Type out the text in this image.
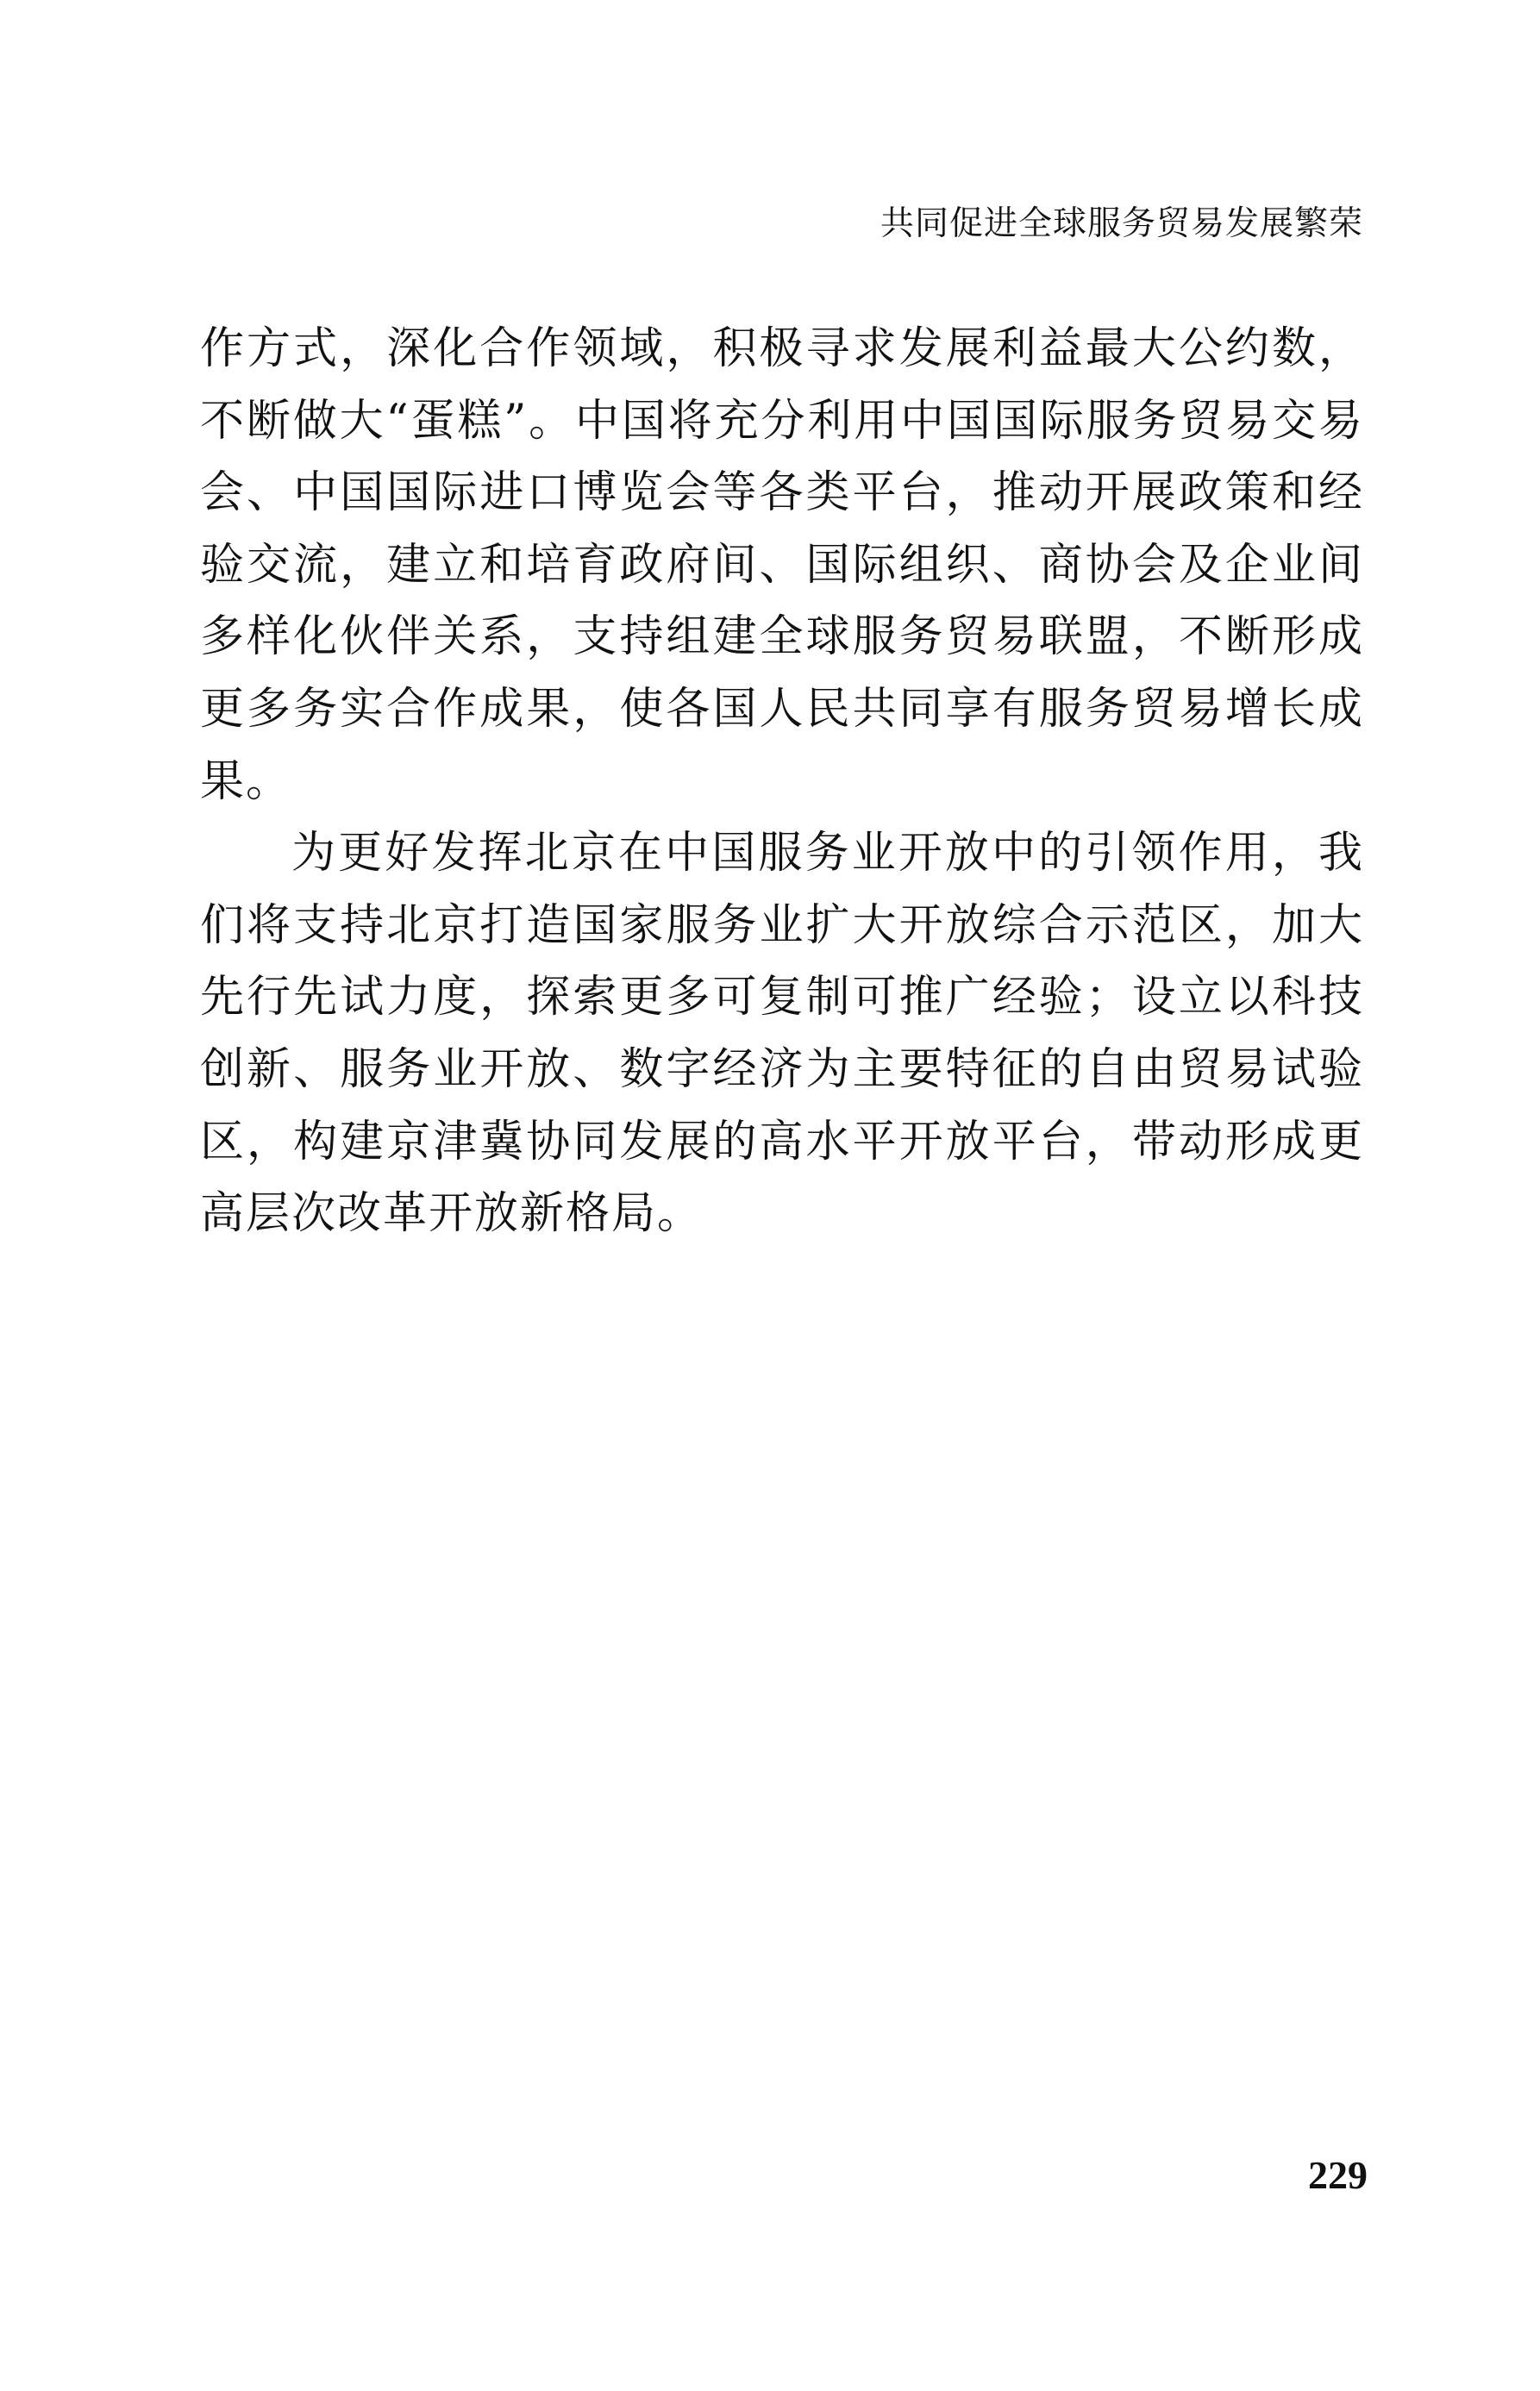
共同促进全球服务贸易发展繁荣

作方式，深化合作领域，积极寻求发展利益最大公约数，不断做大“蛋糕”。中国将充分利用中国国际服务贸易交易会、中国国际进口博览会等各类平台，推动开展政策和经验交流，建立和培育政府间、国际组织、商协会及企业间多样化伙伴关系，支持组建全球服务贸易联盟，不断形成更多务实合作成果，使各国人民共同享有服务贸易增长成果。

为更好发挥北京在中国服务业开放中的引领作用，我们将支持北京打造国家服务业扩大开放综合示范区，加大先行先试力度，探索更多可复制可推广经验；设立以科技创新、服务业开放、数字经济为主要特征的自由贸易试验区，构建京津冀协同发展的高水平开放平台，带动形成更高层次改革开放新格局。

229
